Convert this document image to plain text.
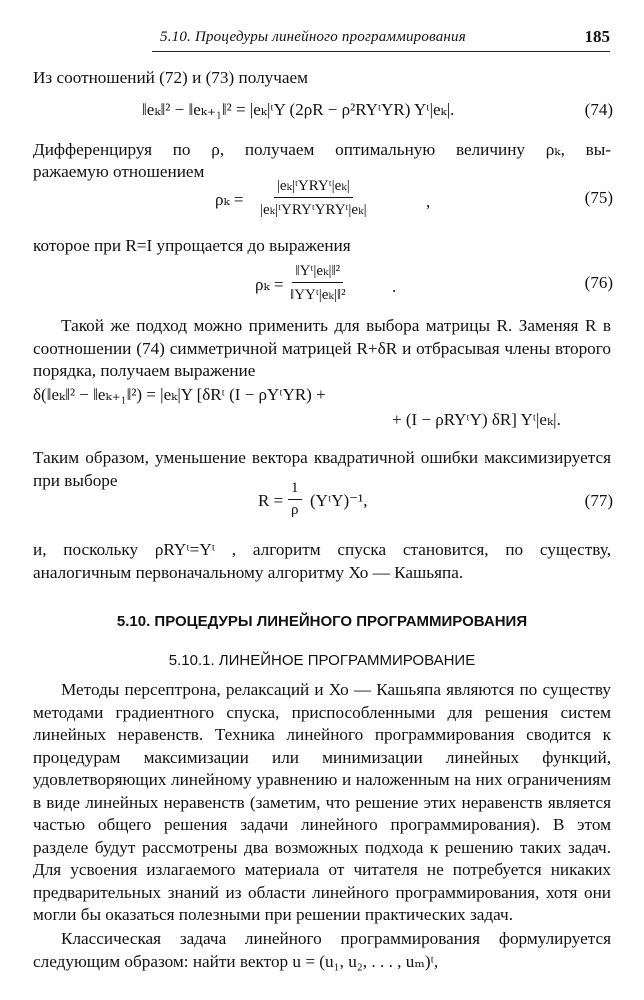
5.10. Процедуры линейного программирования	185
Из соотношений (72) и (73) получаем
‖eₖ‖² − ‖eₖ₊₁‖² = |eₖ|ᵗY (2ρR − ρ²RYᵗYR) Yᵗ|eₖ|.	(74)
Дифференцируя по ρ, получаем оптимальную величину ρₖ, вы-
ражаемую отношением
ρₖ =
|eₖ|ᵗYRYᵗ|eₖ|
|eₖ|ᵗYRYᵗYRYᵗ|eₖ|	,	(75)
которое при R=I упрощается до выражения
ρₖ =
‖Yᵗ|eₖ|‖²
‖YYᵗ|eₖ|‖²	.	(76)
Такой же подход можно применить для выбора матрицы R. Заменяя R в соотношении (74) симметричной матрицей R+δR и отбрасывая члены второго порядка, получаем выражение
δ(‖eₖ‖² − ‖eₖ₊₁‖²) = |eₖ|Y [δRᵗ (I − ρYᵗYR) +
+ (I − ρRYᵗY) δR] Yᵗ|eₖ|.
Таким образом, уменьшение вектора квадратичной ошибки максимизируется при выборе
$R = \frac{1}{\rho}$ (YᵗY)⁻¹,	(77)
и, поскольку ρRYᵗ=Yᵗ , алгоритм спуска становится, по существу, аналогичным первоначальному алгоритму Хо — Кашьяпа.
5.10. ПРОЦЕДУРЫ ЛИНЕЙНОГО ПРОГРАММИРОВАНИЯ
5.10.1. ЛИНЕЙНОЕ ПРОГРАММИРОВАНИЕ
Методы персептрона, релаксаций и Хо — Кашьяпа являются по существу методами градиентного спуска, приспособленными для решения систем линейных неравенств. Техника линейного программирования сводится к процедурам максимизации или минимизации линейных функций, удовлетворяющих линейному уравнению и наложенным на них ограничениям в виде линейных неравенств (заметим, что решение этих неравенств является частью общего решения задачи линейного программирования). В этом разделе будут рассмотрены два возможных подхода к решению таких задач. Для усвоения излагаемого материала от читателя не потребуется никаких предварительных знаний из области линейного программирования, хотя они могли бы оказаться полезными при решении практических задач.
Классическая задача линейного программирования формулируется следующим образом: найти вектор u = (u₁, u₂, . . . , uₘ)ᵗ,
